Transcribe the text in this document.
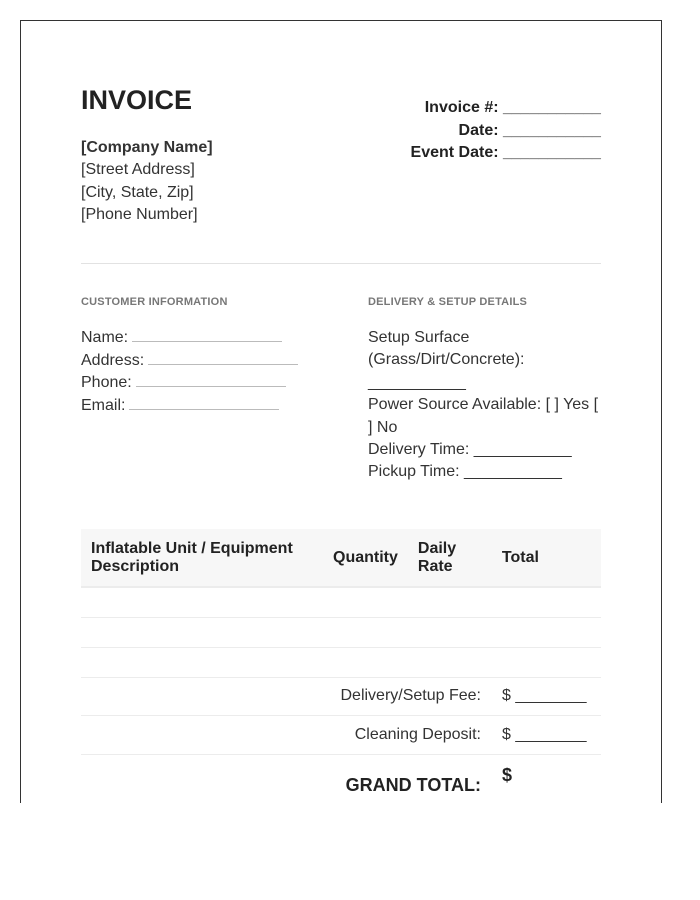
INVOICE
[Company Name]
[Street Address]
[City, State, Zip]
[Phone Number]
Invoice #: ___________
Date: ___________
Event Date: ___________
CUSTOMER INFORMATION	DELIVERY & SETUP DETAILS
Name:
Address:
Phone:
Email:
Setup Surface (Grass/Dirt/Concrete): ___________
Power Source Available: [ ] Yes [ ] No
Delivery Time: ___________
Pickup Time: ___________
Inflatable Unit / Equipment Description	Quantity	Daily Rate	Total

Delivery/Setup Fee: $ ________
Cleaning Deposit: $ ________
GRAND TOTAL: $
